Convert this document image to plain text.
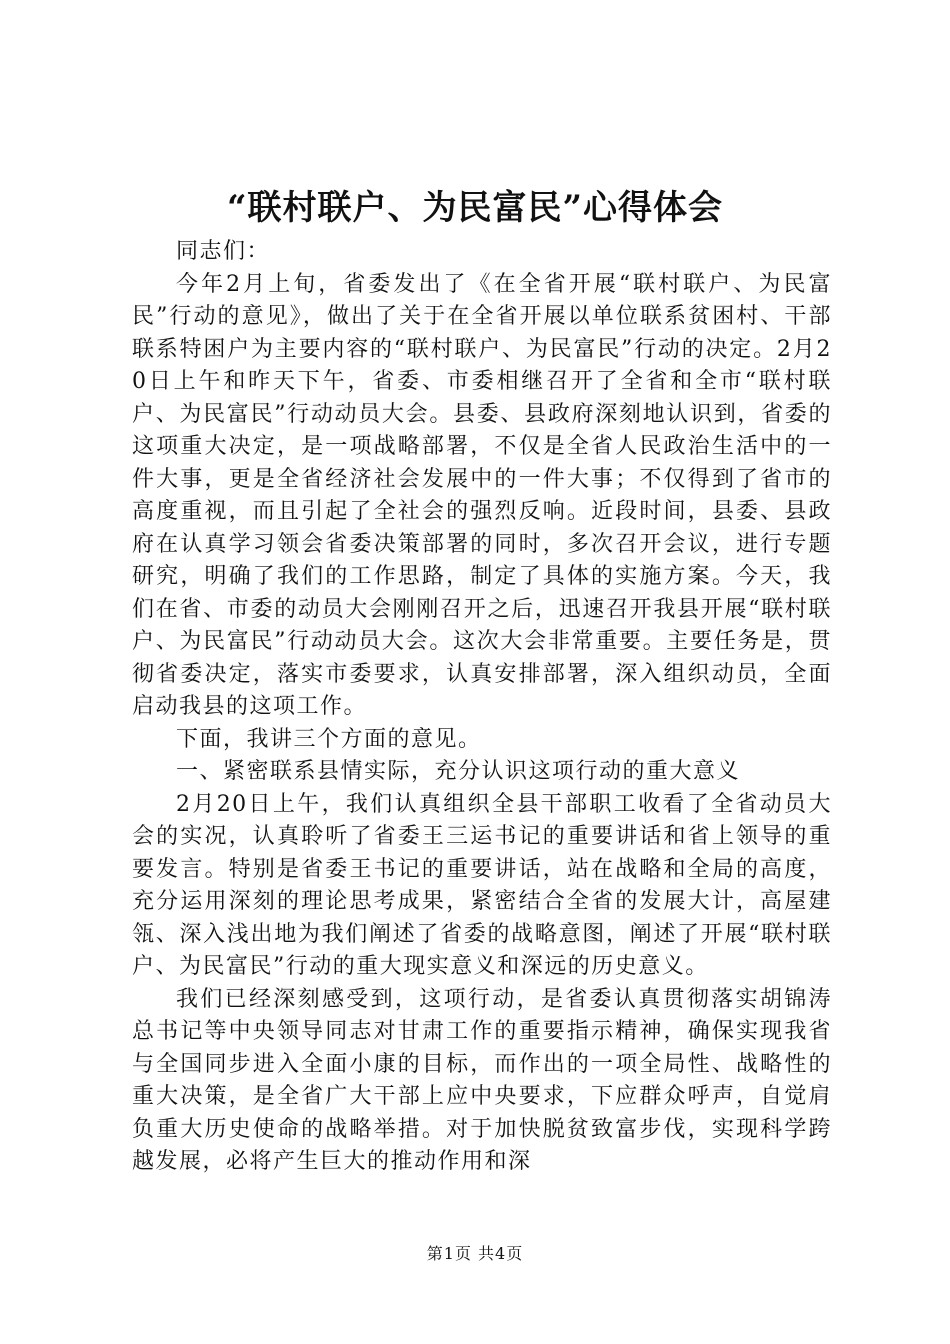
“联村联户、为民富民”心得体会

同志们：

今年2月上旬，省委发出了《在全省开展“联村联户、为民富民”行动的意见》，做出了关于在全省开展以单位联系贫困村、干部联系特困户为主要内容的“联村联户、为民富民”行动的决定。2月20日上午和昨天下午，省委、市委相继召开了全省和全市“联村联户、为民富民”行动动员大会。县委、县政府深刻地认识到，省委的这项重大决定，是一项战略部署，不仅是全省人民政治生活中的一件大事，更是全省经济社会发展中的一件大事；不仅得到了省市的高度重视，而且引起了全社会的强烈反响。近段时间，县委、县政府在认真学习领会省委决策部署的同时，多次召开会议，进行专题研究，明确了我们的工作思路，制定了具体的实施方案。今天，我们在省、市委的动员大会刚刚召开之后，迅速召开我县开展“联村联户、为民富民”行动动员大会。这次大会非常重要。主要任务是，贯彻省委决定，落实市委要求，认真安排部署，深入组织动员，全面启动我县的这项工作。

下面，我讲三个方面的意见。

一、紧密联系县情实际，充分认识这项行动的重大意义

2月20日上午，我们认真组织全县干部职工收看了全省动员大会的实况，认真聆听了省委王三运书记的重要讲话和省上领导的重要发言。特别是省委王书记的重要讲话，站在战略和全局的高度，充分运用深刻的理论思考成果，紧密结合全省的发展大计，高屋建瓴、深入浅出地为我们阐述了省委的战略意图，阐述了开展“联村联户、为民富民”行动的重大现实意义和深远的历史意义。

我们已经深刻感受到，这项行动，是省委认真贯彻落实胡锦涛总书记等中央领导同志对甘肃工作的重要指示精神，确保实现我省与全国同步进入全面小康的目标，而作出的一项全局性、战略性的重大决策，是全省广大干部上应中央要求，下应群众呼声，自觉肩负重大历史使命的战略举措。对于加快脱贫致富步伐，实现科学跨越发展，必将产生巨大的推动作用和深

第1页 共4页
